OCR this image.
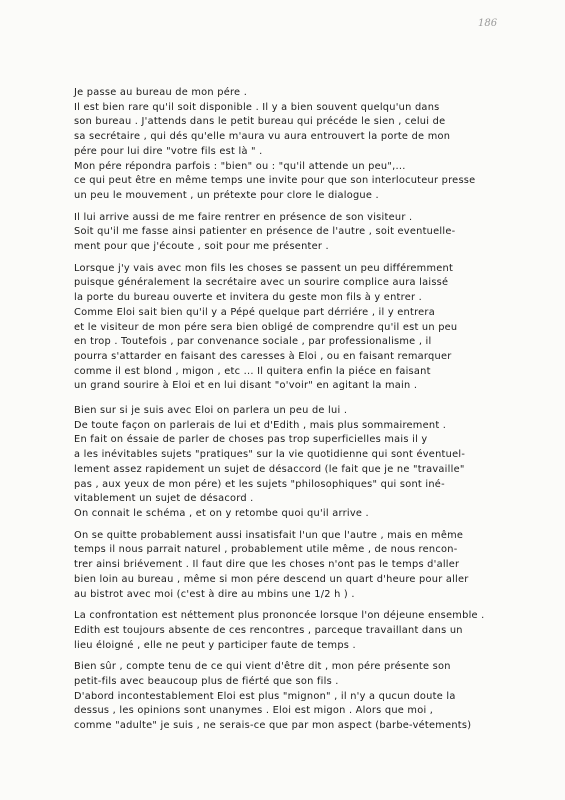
186
Je passe au bureau de mon pére .
Il est bien rare qu'il soit disponible . Il y a bien souvent quelqu'un dans
son bureau . J'attends dans le petit bureau qui précéde le sien , celui de
sa secrétaire , qui dés qu'elle m'aura vu aura entrouvert la porte de mon
pére pour lui dire "votre fils est là " .
Mon pére répondra parfois : "bien" ou : "qu'il attende un peu",...
ce qui peut être en même temps une invite pour que son interlocuteur presse
un peu le mouvement , un prétexte pour clore le dialogue .
Il lui arrive aussi de me faire rentrer en présence de son visiteur .
Soit qu'il me fasse ainsi patienter en présence de l'autre , soit eventuelle-
ment pour que j'écoute , soit pour me présenter .
Lorsque j'y vais avec mon fils les choses se passent un peu différemment
puisque généralement la secrétaire avec un sourire complice aura laissé
la porte du bureau ouverte et invitera du geste mon fils à y entrer .
Comme Eloi sait bien qu'il y a Pépé quelque part dérriére , il y entrera
et le visiteur de mon pére sera bien obligé de comprendre qu'il est un peu
en trop . Toutefois , par convenance sociale , par professionalisme , il
pourra s'attarder en faisant des caresses à Eloi , ou en faisant remarquer
comme il est blond , migon , etc ... Il quitera enfin la piéce en faisant
un grand sourire à Eloi et en lui disant "o'voir" en agitant la main .
Bien sur si je suis avec Eloi on parlera un peu de lui .
De toute façon on parlerais de lui et d'Edith , mais plus sommairement .
En fait on éssaie de parler de choses pas trop superficielles mais il y
a les inévitables sujets "pratiques" sur la vie quotidienne qui sont éventuel-
lement assez rapidement un sujet de désaccord (le fait que je ne "travaille"
pas , aux yeux de mon pére) et les sujets "philosophiques" qui sont iné-
vitablement un sujet de désacord .
On connait le schéma , et on y retombe quoi qu'il arrive .
On se quitte probablement aussi insatisfait l'un que l'autre , mais en même
temps il nous parrait naturel , probablement utile même , de nous rencon-
trer ainsi briévement . Il faut dire que les choses n'ont pas le temps d'aller
bien loin au bureau , même si mon pére descend un quart d'heure pour aller
au bistrot avec moi (c'est à dire au mbins une 1/2 h ) .
La confrontation est néttement plus prononcée lorsque l'on déjeune ensemble .
Edith est toujours absente de ces rencontres , parceque travaillant dans un
lieu éloigné , elle ne peut y participer faute de temps .
Bien sûr , compte tenu de ce qui vient d'être dit , mon pére présente son
petit-fils avec beaucoup plus de fiérté que son fils .
D'abord incontestablement Eloi est plus "mignon" , il n'y a qucun doute la
dessus , les opinions sont unanymes . Eloi est migon . Alors que moi ,
comme "adulte" je suis , ne serais-ce que par mon aspect (barbe-vétements)
